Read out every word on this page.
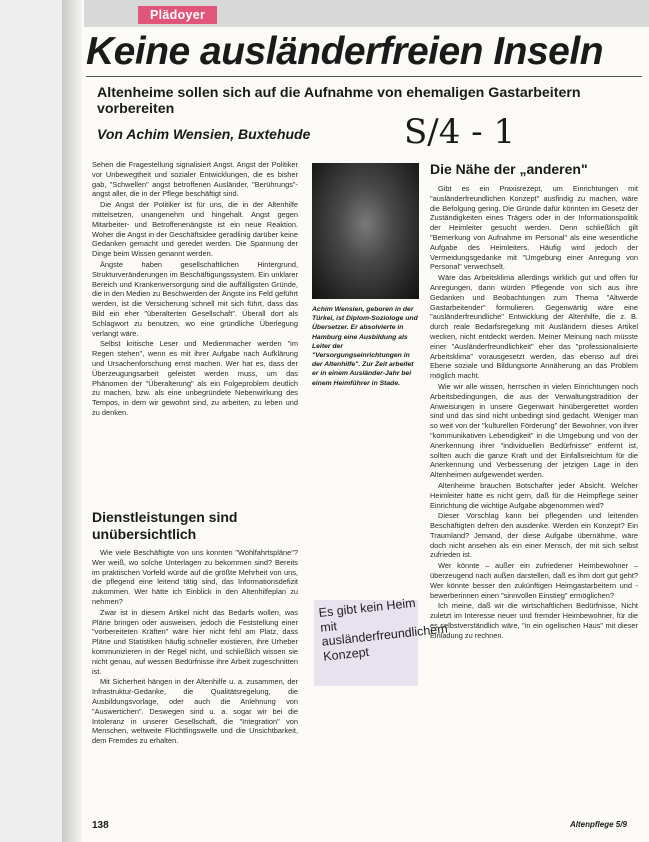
Plädoyer
Keine ausländerfreien Inseln
Altenheime sollen sich auf die Aufnahme von ehemaligen Gastarbeitern vorbereiten
Von Achim Wensien, Buxtehude	S/4 - 1

Sehen die Fragestellung signalisiert Angst. Angst der Politiker vor Unbewegtheit und sozialer Entwicklungen, die es bisher gab, "Schwellen" angst betroffenen Ausländer, "Berührungs"-angst aller, die in der Pflege beschäftigt sind.

Die Angst der Politiker ist für uns, die in der Altenhilfe mittelsetzen, unangenehm und hingehalt. Angst gegen Mitarbeiter- und Betroffenenängste ist ein neue Reaktion. Woher die Angst in der Geschäftsidee geradlinig darüber keine Gedanken gemacht und geredet werden. Die Spannung der Dinge beim Wissen genannt werden.

Ängste haben gesellschaftlichen Hintergrund, Strukturveränderungen im Beschäftigungssystem. Ein unklarer Bereich und Krankenversorgung sind die auffälligsten Gründe, die in den Medien zu Beschwerden der Ängste ins Feld geführt werden, ist die Versicherung schnell mit sich führt, dass das Bild ein eher "überalterten Gesellschaft". Überall dort als Schlagwort zu benutzen, wo eine gründliche Überlegung verlangt wäre.

Selbst kritische Leser und Medienmacher werden "im Regen stehen", wenn es mit ihrer Aufgabe nach Aufklärung und Ursachenforschung ernst machen. Wer hat es, dass der Überzeugungsarbeit geleistet werden muss, um das Phänomen der "Überalterung" als ein Folgeproblem deutlich zu machen, bzw. als eine unbegründete Nebenwirkung des Tempos, in dem wir gewohnt sind, zu arbeiten, zu leben und zu denken.

Dienstleistungen sind unübersichtlich

Wie viele Beschäftigte von uns konnten "Wohlfahrtspläne"? Wer weiß, wo solche Unterlagen zu bekommen sind? Bereits im praktischen Vorfeld würde auf die größte Mehrheit von uns, die pflegend eine leitend tätig sind, das Informationsdefizit zukommen. Wer hätte ich Einblick in den Altenhilfeplan zu nehmen?

Zwar ist in diesem Artikel nicht das Bedarfs wollen, was Pläne bringen oder ausweisen, jedoch die Feststellung einer "vorbereiteten Kräften" wäre hier nicht fehl am Platz, dass Pläne und Statistiken häufig schneller existieren, ihre Urheber kommunizieren in der Regel nicht, und schließlich wissen sie nicht genau, auf wessen Bedürfnisse ihre Arbeit zugeschnitten ist.

Mit Sicherheit hängen in der Altenhilfe u. a. zusammen, der Infrastruktur-Gedanke, die Qualitätsregelung, die Ausbildungsvorlage, oder auch die Anlehnung von "Auswertichen". Deswegen sind u. a. sogar wir bei die Intoleranz in unserer Gesellschaft, die "Integration" von Menschen, weltweite Flüchtlingswelle und die Unsichtbarkeit, dem Fremdes zu erhalten.

Achim Wensien, geboren in der Türkei, ist Diplom-Soziologe und Übersetzer. Er absolvierte in Hamburg eine Ausbildung als Leiter der "Versorgungseinrichtungen in der Altenhilfe". Zur Zeit arbeitet er in einem Ausländer-Jahr bei einem Heimführer in Stade.
Es gibt kein Heim mit ausländerfreundlichem Konzept
Die Nähe der „anderen"

Gibt es ein Praxisrezept, um Einrichtungen mit "ausländerfreundlichen Konzept" ausfindig zu machen, wäre die Befolgung gering. Die Gründe dafür könnten im Gesetz der Zuständigkeiten eines Trägers oder in der Informationspolitik der Heimleiter gesucht werden. Denn schließlich gilt "Bemerkung von Aufnahme im Personal" als eine wesentliche Aufgabe des Heimleiters. Häufig wird jedoch der Vermeidungsgedanke mit "Umgebung einer Anregung von Personal" verwechselt.

Wäre das Arbeitsklima allerdings wirklich gut und offen für Anregungen, dann würden Pflegende von sich aus ihre Gedanken und Beobachtungen zum Thema "Altwerde Gastarbeitender" formulieren. Gegenwärtig wäre eine "ausländerfreundliche" Entwicklung der Altenhilfe, die z. B. durch reale Bedarfsregelung mit Ausländern dieses Artikel wecken, nicht entdeckt werden. Meiner Meinung nach müsste einer "Ausländerfreundlichkeit" eher das "professionalisierte Arbeitsklima" vorausgesetzt werden, das ebenso auf drei Ebene soziale und Bildungsorte Annäherung an das Problem möglich macht.

Wie wir alle wissen, herrschen in vielen Einrichtungen noch Arbeitsbedingungen, die aus der Verwaltungstradition der Anweisungen in unsere Gegenwart hinübergerettet worden sind und das sind nicht unbedingt sind gedacht. Weniger man so weit von der "kulturellen Förderung" der Bewohner, von ihrer "kommunikativen Lebendigkeit" in die Umgebung und von der Anerkennung ihrer "individuellen Bedürfnisse" entfernt ist, sollten auch die ganze Kraft und der Einfallsreichtum für die Anerkennung und Verbesserung der jetzigen Lage in den Altenheimen aufgewendet werden.

Altenheime brauchen Botschafter jeder Absicht. Welcher Heimleiter hätte es nicht gern, daß für die Heimpflege seiner Einrichtung die wichtige Aufgabe abgenommen wird?

Dieser Vorschlag kann bei pflegenden und leitenden Beschäftigten defren den ausdenke. Werden ein Konzept? Ein Traumland? Jemand, der diese Aufgabe übernähme, wäre doch nicht ansehen als ein einer Mensch, der mit sich selbst zufrieden ist.

Wer könnte – außer ein zufriedener Heimbewohner – überzeugend nach außen darstellen, daß es ihm dort gut geht? Wer könnte besser den zukünftigen Heimgastarbeitern und -bewerberinnen einen "sinnvollen Einstieg" ermöglichen?

Ich meine, daß wir die wirtschaftlichen Bedürfnisse, Nicht zuletzt im Interesse neuer und fremder Heimbewohner, für die es selbstverständlich wäre, "in ein ogelischen Haus" mit dieser Einladung zu rechnen.

138	Altenpflege 5/9
